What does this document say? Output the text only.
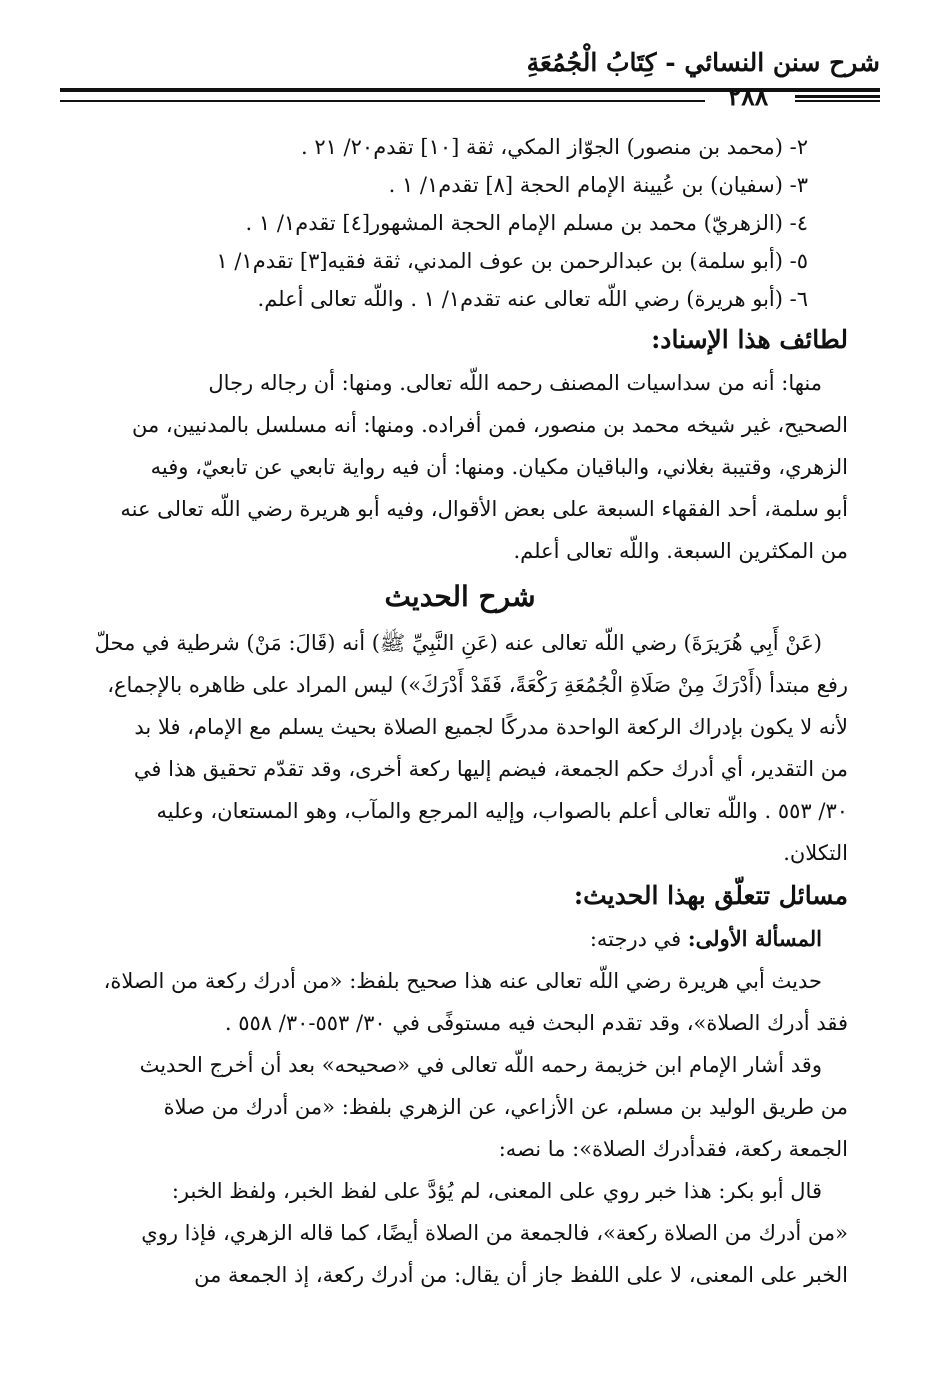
شرح سنن النسائي - كِتَابُ الْجُمُعَةِ
٢٨٨
٢- (محمد بن منصور) الجوّاز المكي، ثقة [١٠] تقدم٢٠/ ٢١ .
٣- (سفيان) بن عُيينة الإمام الحجة [٨] تقدم١/ ١ .
٤- (الزهريّ) محمد بن مسلم الإمام الحجة المشهور[٤] تقدم١/ ١ .
٥- (أبو سلمة) بن عبدالرحمن بن عوف المدني، ثقة فقيه[٣] تقدم١/ ١
٦- (أبو هريرة) رضي اللّه تعالى عنه تقدم١/ ١ . واللّه تعالى أعلم.
لطائف هذا الإسناد:
منها: أنه من سداسيات المصنف رحمه اللّه تعالى. ومنها: أن رجاله رجال
الصحيح، غير شيخه محمد بن منصور، فمن أفراده. ومنها: أنه مسلسل بالمدنيين، من
الزهري، وقتيبة بغلاني، والباقيان مكيان. ومنها: أن فيه رواية تابعي عن تابعيّ، وفيه
أبو سلمة، أحد الفقهاء السبعة على بعض الأقوال، وفيه أبو هريرة رضي اللّه تعالى عنه
من المكثرين السبعة. واللّه تعالى أعلم.
شرح الحديث
(عَنْ أَبِي هُرَيرَةَ) رضي اللّه تعالى عنه (عَنِ النَّبِيِّ ﷺ) أنه (قَالَ: مَنْ) شرطية في محلّ
رفع مبتدأ (أَدْرَكَ مِنْ صَلَاةِ الْجُمُعَةِ رَكْعَةً، فَقَدْ أَدْرَكَ») ليس المراد على ظاهره بالإجماع،
لأنه لا يكون بإدراك الركعة الواحدة مدركًا لجميع الصلاة بحيث يسلم مع الإمام، فلا بد
من التقدير، أي أدرك حكم الجمعة، فيضم إليها ركعة أخرى، وقد تقدّم تحقيق هذا في
٣٠/ ٥٥٣ . واللّه تعالى أعلم بالصواب، وإليه المرجع والمآب، وهو المستعان، وعليه
التكلان.
مسائل تتعلّق بهذا الحديث:
المسألة الأولى: في درجته:
حديث أبي هريرة رضي اللّه تعالى عنه هذا صحيح بلفظ: «من أدرك ركعة من الصلاة،
فقد أدرك الصلاة»، وقد تقدم البحث فيه مستوفًى في ٣٠/ ٥٥٣-٣٠/ ٥٥٨ .
وقد أشار الإمام ابن خزيمة رحمه اللّه تعالى في «صحيحه» بعد أن أخرج الحديث
من طريق الوليد بن مسلم، عن الأزاعي، عن الزهري بلفظ: «من أدرك من صلاة
الجمعة ركعة، فقدأدرك الصلاة»: ما نصه:
قال أبو بكر: هذا خبر روي على المعنى، لم يُؤدَّ على لفظ الخبر، ولفظ الخبر:
«من أدرك من الصلاة ركعة»، فالجمعة من الصلاة أيضًا، كما قاله الزهري، فإذا روي
الخبر على المعنى، لا على اللفظ جاز أن يقال: من أدرك ركعة، إذ الجمعة من
